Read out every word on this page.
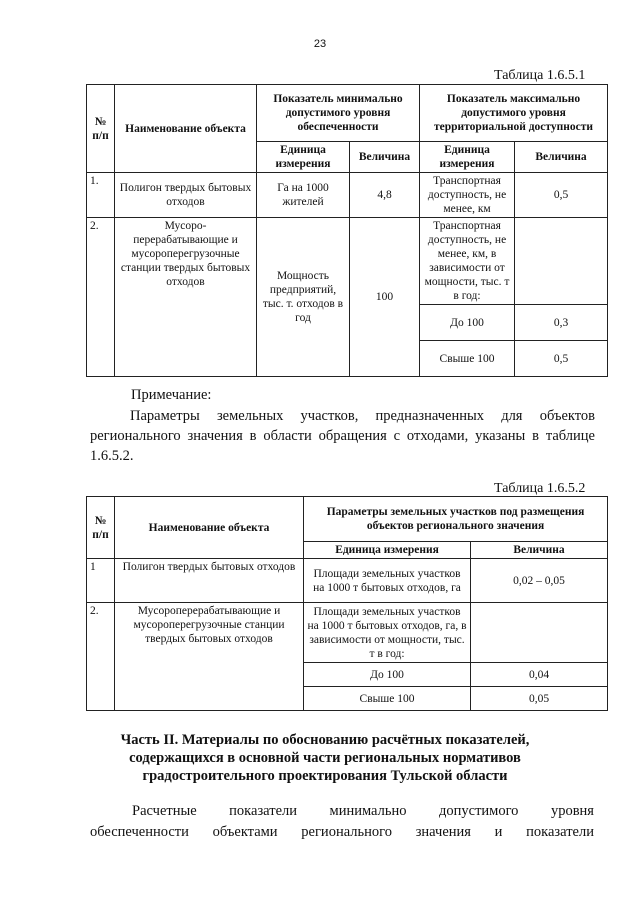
23
Таблица 1.6.5.1
№ п/п	Наименование объекта	Показатель минимально допустимого уровня обеспеченности		Показатель максимально допустимого уровня территориальной доступности	
		Единица измерения	Величина	Единица измерения	Величина
1.	Полигон твердых бытовых отходов	Га на 1000 жителей	4,8	Транспортная доступность, не менее, км	0,5
2.	Мусоро-перерабатывающие и мусороперегрузочные станции твердых бытовых отходов	Мощность предприятий, тыс. т. отходов в год	100	Транспортная доступность, не менее, км, в зависимости от мощности, тыс. т в год:	
				До 100	0,3
				Свыше 100	0,5
Примечание:
Параметры земельных участков, предназначенных для объектов регионального значения в области обращения с отходами, указаны в таблице 1.6.5.2.
Таблица 1.6.5.2
№ п/п	Наименование объекта	Параметры земельных участков под размещения объектов регионального значения	
		Единица измерения	Величина
1	Полигон твердых бытовых отходов	Площади земельных участков на 1000 т бытовых отходов, га	0,02 – 0,05
2.	Мусороперерабатывающие и мусороперегрузочные станции твердых бытовых отходов	Площади земельных участков на 1000 т бытовых отходов, га, в зависимости от мощности, тыс. т в год:	
		До 100	0,04
		Свыше 100	0,05
Часть II. Материалы по обоснованию расчётных показателей, содержащихся в основной части региональных нормативов градостроительного проектирования Тульской области
Расчетные показатели минимально допустимого уровня
обеспеченности объектами регионального значения и показатели
